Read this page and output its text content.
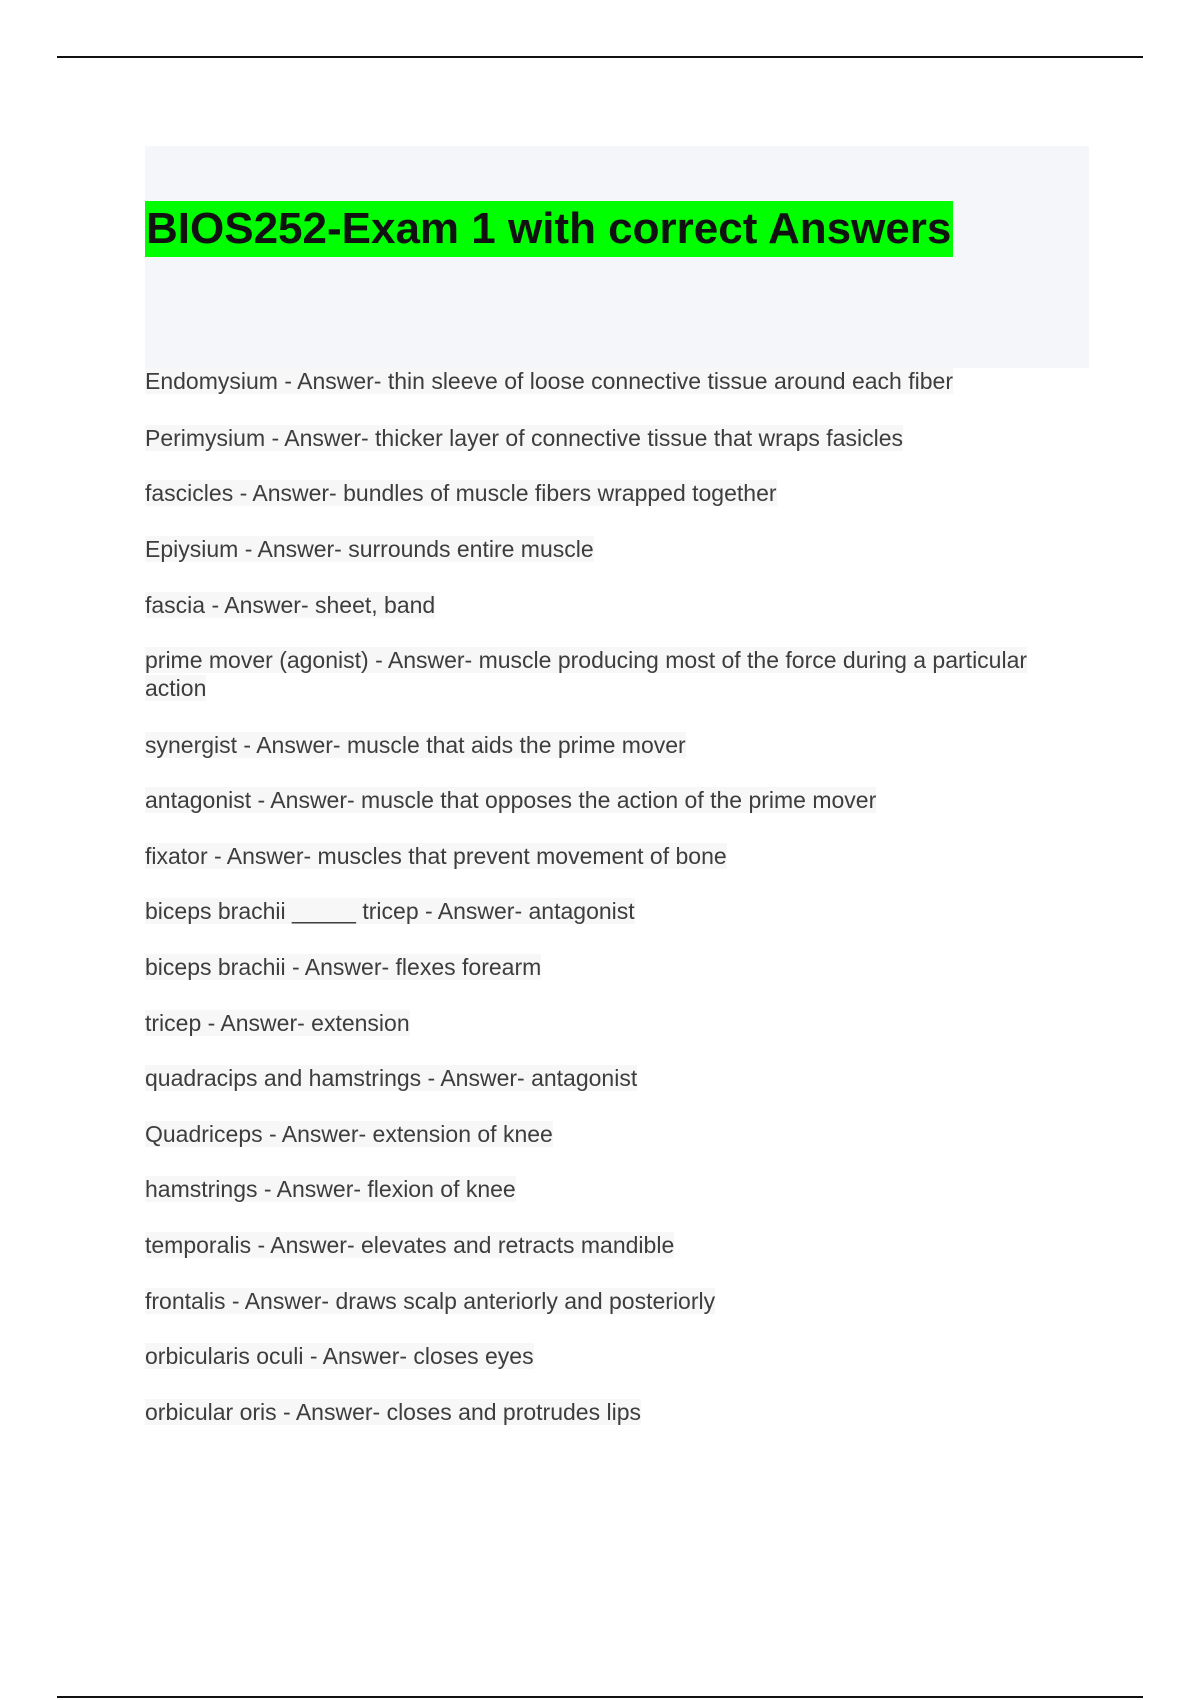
BIOS252-Exam 1 with correct Answers
Endomysium - Answer- thin sleeve of loose connective tissue around each fiber
Perimysium - Answer- thicker layer of connective tissue that wraps fasicles
fascicles - Answer- bundles of muscle fibers wrapped together
Epiysium - Answer- surrounds entire muscle
fascia - Answer- sheet, band
prime mover (agonist) - Answer- muscle producing most of the force during a particular action
synergist - Answer- muscle that aids the prime mover
antagonist - Answer- muscle that opposes the action of the prime mover
fixator - Answer- muscles that prevent movement of bone
biceps brachii _____ tricep - Answer- antagonist
biceps brachii - Answer- flexes forearm
tricep - Answer- extension
quadracips and hamstrings - Answer- antagonist
Quadriceps - Answer- extension of knee
hamstrings - Answer- flexion of knee
temporalis - Answer- elevates and retracts mandible
frontalis - Answer- draws scalp anteriorly and posteriorly
orbicularis oculi - Answer- closes eyes
orbicular oris - Answer- closes and protrudes lips
